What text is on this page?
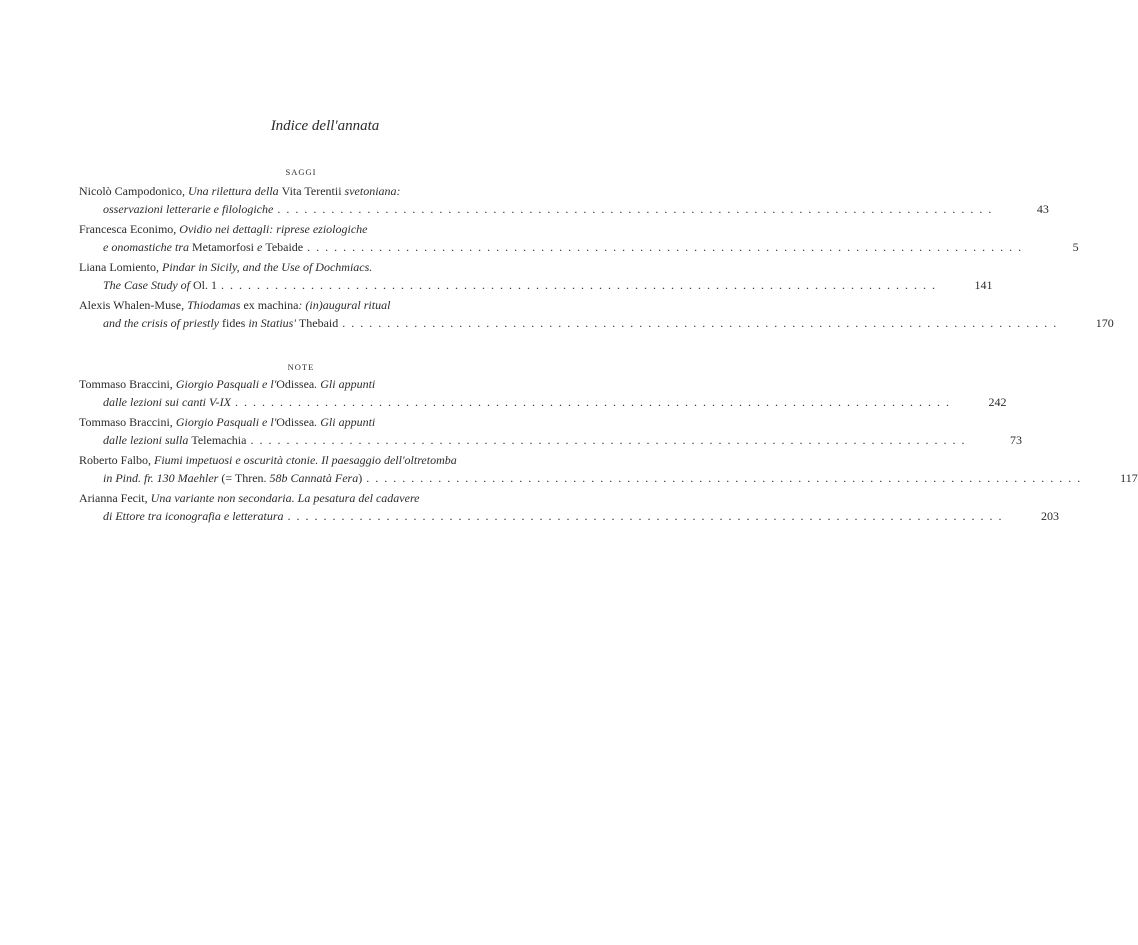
Indice dell'annata
SAGGI
Nicolò Campodonico, Una rilettura della Vita Terentii svetoniana:
osservazioni letterarie e filologiche . . . . . . . . . . . . . . . . . . . . . . . . . . . . . . . . . . . . . . . . . . . . . . . . . . . . . . . . . . . . . . . . . . . . . . . . . . . . . . . .	43
Francesca Econimo, Ovidio nei dettagli: riprese eziologiche
e onomastiche tra Metamorfosi e Tebaide . . . . . . . . . . . . . . . . . . . . . . . . . . . . . . . . . . . . . . . . . . . . . . . . . . . . . . . . . . . . . . . . . . . . . . . . . . . . . . . .	5
Liana Lomiento, Pindar in Sicily, and the Use of Dochmiacs.
The Case Study of Ol. 1 . . . . . . . . . . . . . . . . . . . . . . . . . . . . . . . . . . . . . . . . . . . . . . . . . . . . . . . . . . . . . . . . . . . . . . . . . . . . . . . .	141
Alexis Whalen-Muse, Thiodamas ex machina: (in)augural ritual
and the crisis of priestly fides in Statius' Thebaid . . . . . . . . . . . . . . . . . . . . . . . . . . . . . . . . . . . . . . . . . . . . . . . . . . . . . . . . . . . . . . . . . . . . . . . . . . . . . . . .	170
NOTE
Tommaso Braccini, Giorgio Pasquali e l'Odissea. Gli appunti
dalle lezioni sui canti V-IX . . . . . . . . . . . . . . . . . . . . . . . . . . . . . . . . . . . . . . . . . . . . . . . . . . . . . . . . . . . . . . . . . . . . . . . . . . . . . . . .	242
Tommaso Braccini, Giorgio Pasquali e l'Odissea. Gli appunti
dalle lezioni sulla Telemachia . . . . . . . . . . . . . . . . . . . . . . . . . . . . . . . . . . . . . . . . . . . . . . . . . . . . . . . . . . . . . . . . . . . . . . . . . . . . . . . .	73
Roberto Falbo, Fiumi impetuosi e oscurità ctonie. Il paesaggio dell'oltretomba
in Pind. fr. 130 Maehler (= Thren. 58b Cannatà Fera) . . . . . . . . . . . . . . . . . . . . . . . . . . . . . . . . . . . . . . . . . . . . . . . . . . . . . . . . . . . . . . . . . . . . . . . . . . . . . . . .	117
Arianna Fecit, Una variante non secondaria. La pesatura del cadavere
di Ettore tra iconografia e letteratura . . . . . . . . . . . . . . . . . . . . . . . . . . . . . . . . . . . . . . . . . . . . . . . . . . . . . . . . . . . . . . . . . . . . . . . . . . . . . . . .	203
